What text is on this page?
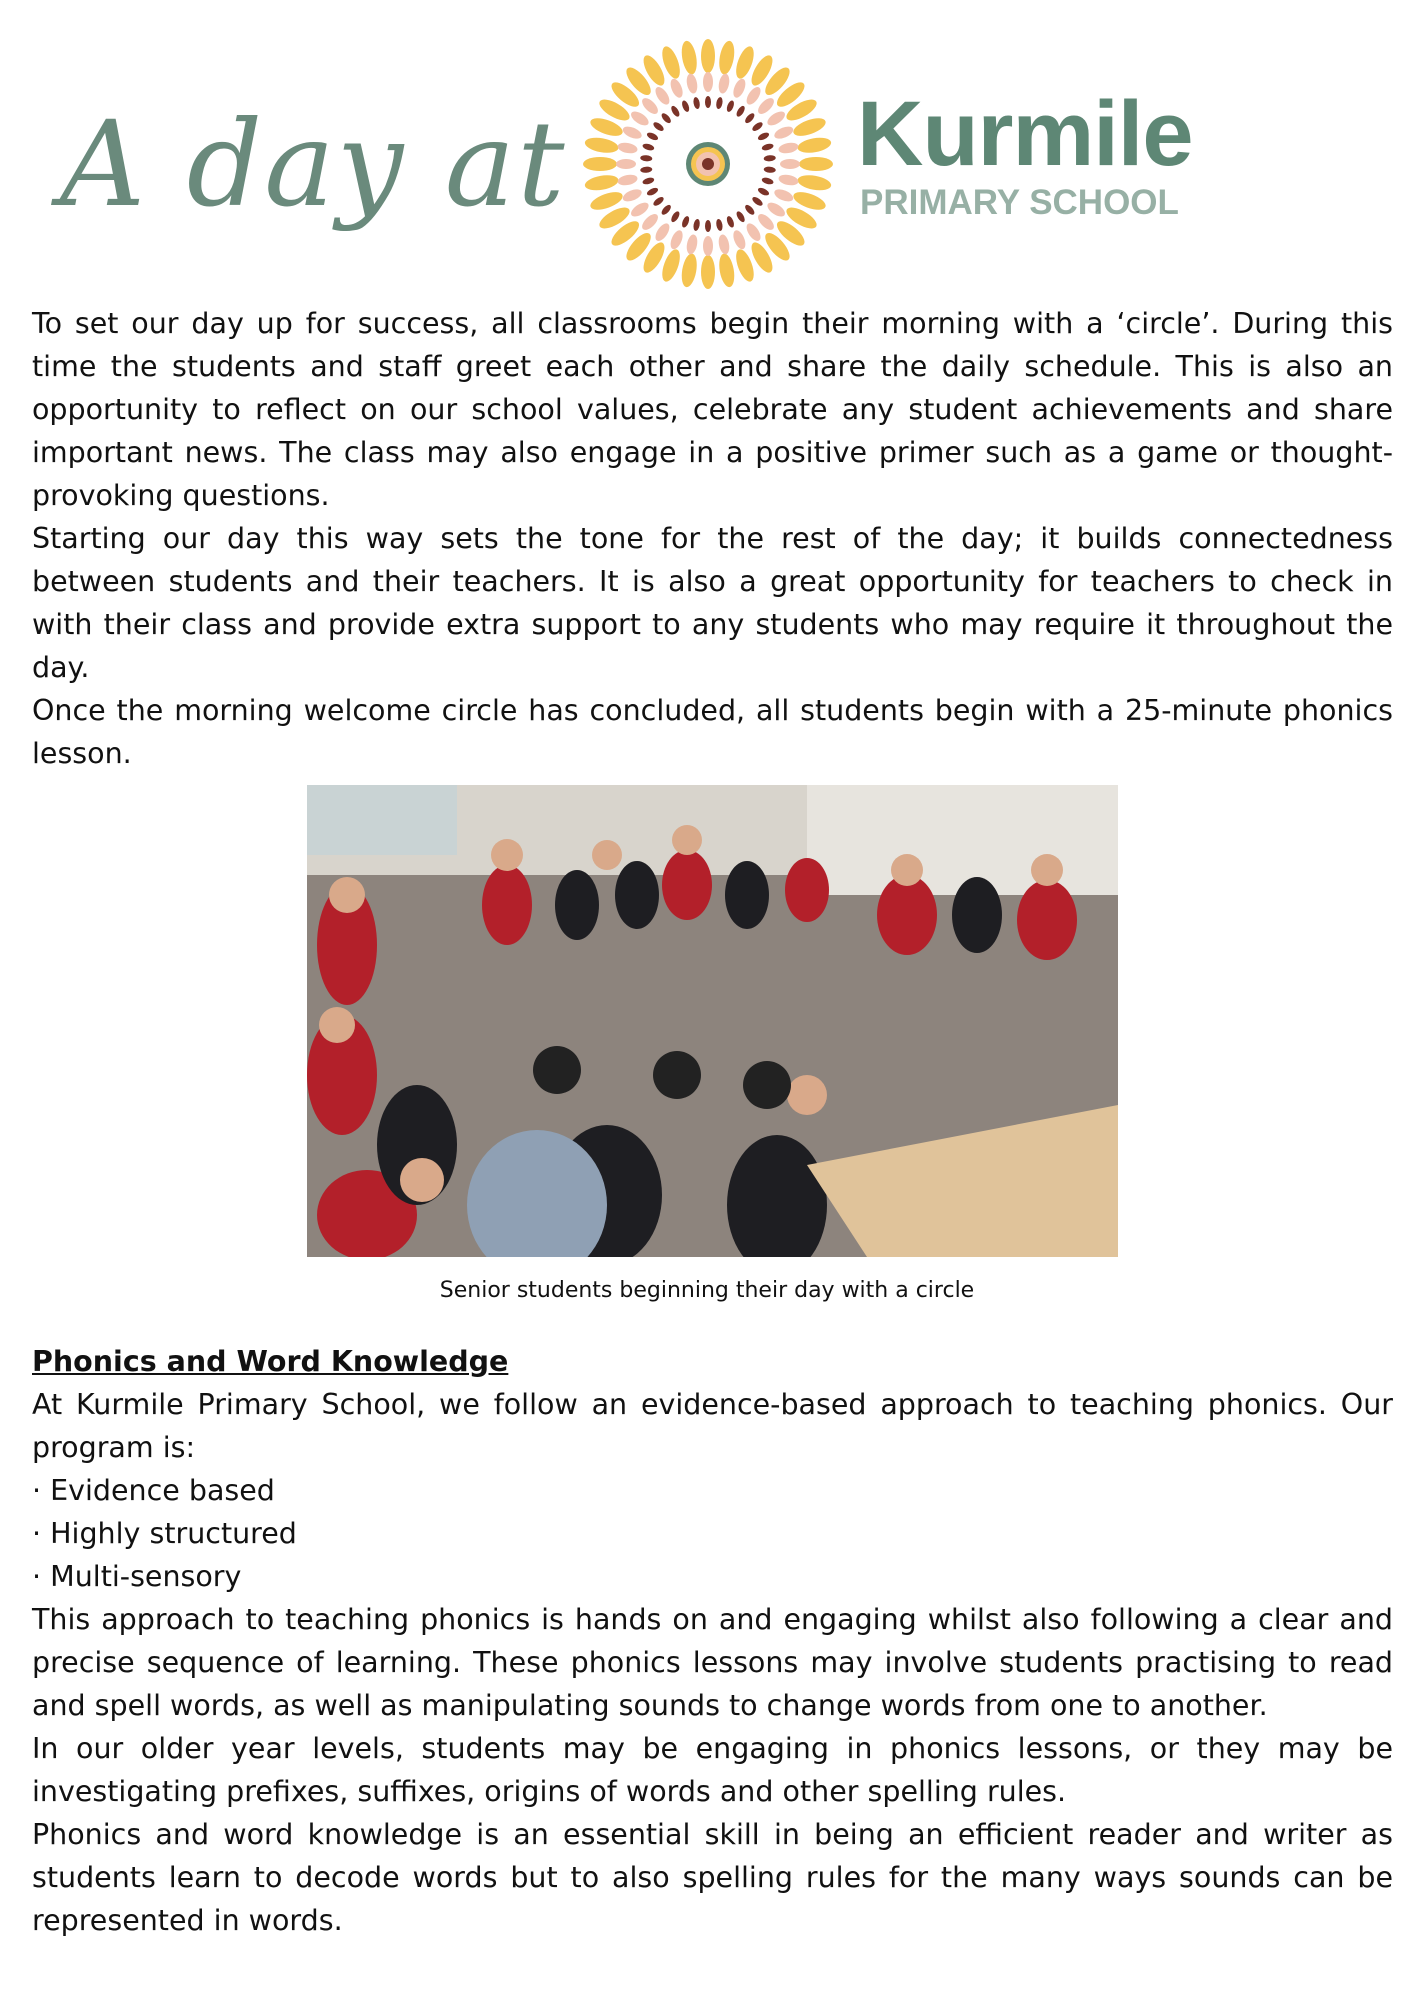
A day at	Kurmile
PRIMARY SCHOOL

To set our day up for success, all classrooms begin their morning with a ‘circle’. During this time the students and staff greet each other and share the daily schedule. This is also an opportunity to reflect on our school values, celebrate any student achievements and share important news. The class may also engage in a positive primer such as a game or thought-provoking questions.

Starting our day this way sets the tone for the rest of the day; it builds connectedness between students and their teachers. It is also a great opportunity for teachers to check in with their class and provide extra support to any students who may require it throughout the day.

Once the morning welcome circle has concluded, all students begin with a 25-minute phonics lesson.

Senior students beginning their day with a circle

Phonics and Word Knowledge

At Kurmile Primary School, we follow an evidence-based approach to teaching phonics. Our program is:

· Evidence based

· Highly structured

· Multi-sensory

This approach to teaching phonics is hands on and engaging whilst also following a clear and precise sequence of learning. These phonics lessons may involve students practising to read and spell words, as well as manipulating sounds to change words from one to another.

In our older year levels, students may be engaging in phonics lessons, or they may be investigating prefixes, suffixes, origins of words and other spelling rules.

Phonics and word knowledge is an essential skill in being an efficient reader and writer as students learn to decode words but to also spelling rules for the many ways sounds can be represented in words.
